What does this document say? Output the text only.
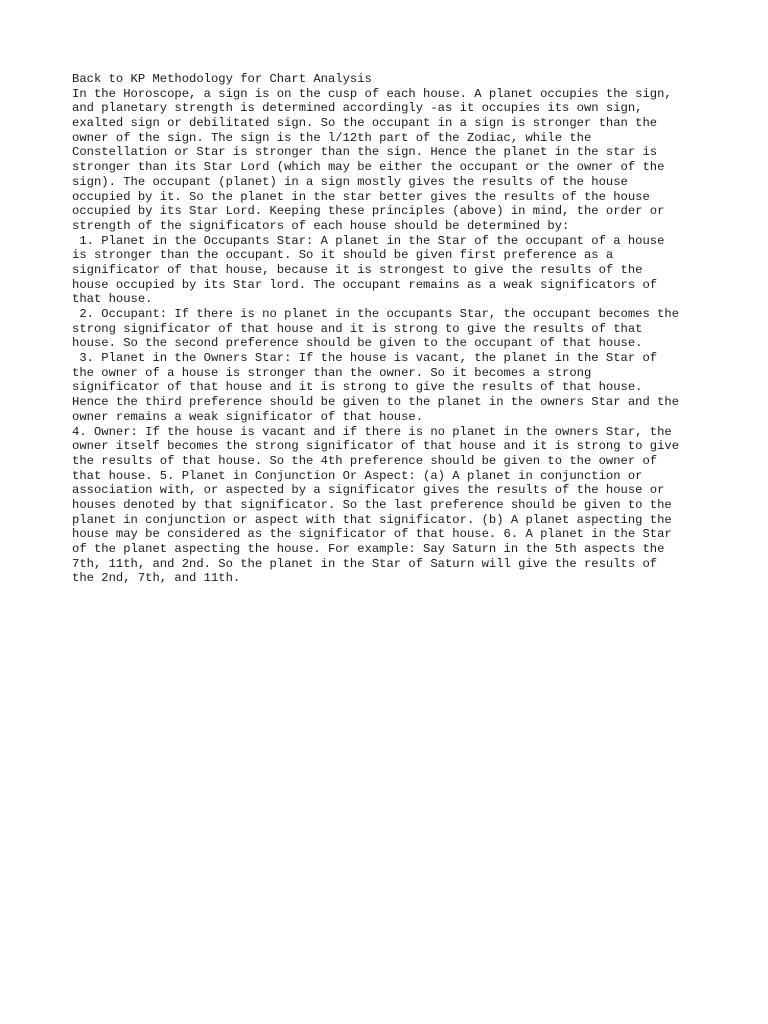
Back to KP Methodology for Chart Analysis
In the Horoscope, a sign is on the cusp of each house. A planet occupies the sign,
and planetary strength is determined accordingly -as it occupies its own sign,
exalted sign or debilitated sign. So the occupant in a sign is stronger than the
owner of the sign. The sign is the l/12th part of the Zodiac, while the
Constellation or Star is stronger than the sign. Hence the planet in the star is
stronger than its Star Lord (which may be either the occupant or the owner of the
sign). The occupant (planet) in a sign mostly gives the results of the house
occupied by it. So the planet in the star better gives the results of the house
occupied by its Star Lord. Keeping these principles (above) in mind, the order or
strength of the significators of each house should be determined by:
1. Planet in the Occupants Star: A planet in the Star of the occupant of a house
is stronger than the occupant. So it should be given first preference as a
significator of that house, because it is strongest to give the results of the
house occupied by its Star lord. The occupant remains as a weak significators of
that house.
2. Occupant: If there is no planet in the occupants Star, the occupant becomes the
strong significator of that house and it is strong to give the results of that
house. So the second preference should be given to the occupant of that house.
3. Planet in the Owners Star: If the house is vacant, the planet in the Star of
the owner of a house is stronger than the owner. So it becomes a strong
significator of that house and it is strong to give the results of that house.
Hence the third preference should be given to the planet in the owners Star and the
owner remains a weak significator of that house.
4. Owner: If the house is vacant and if there is no planet in the owners Star, the
owner itself becomes the strong significator of that house and it is strong to give
the results of that house. So the 4th preference should be given to the owner of
that house. 5. Planet in Conjunction Or Aspect: (a) A planet in conjunction or
association with, or aspected by a significator gives the results of the house or
houses denoted by that significator. So the last preference should be given to the
planet in conjunction or aspect with that significator. (b) A planet aspecting the
house may be considered as the significator of that house. 6. A planet in the Star
of the planet aspecting the house. For example: Say Saturn in the 5th aspects the
7th, 11th, and 2nd. So the planet in the Star of Saturn will give the results of
the 2nd, 7th, and 11th.
